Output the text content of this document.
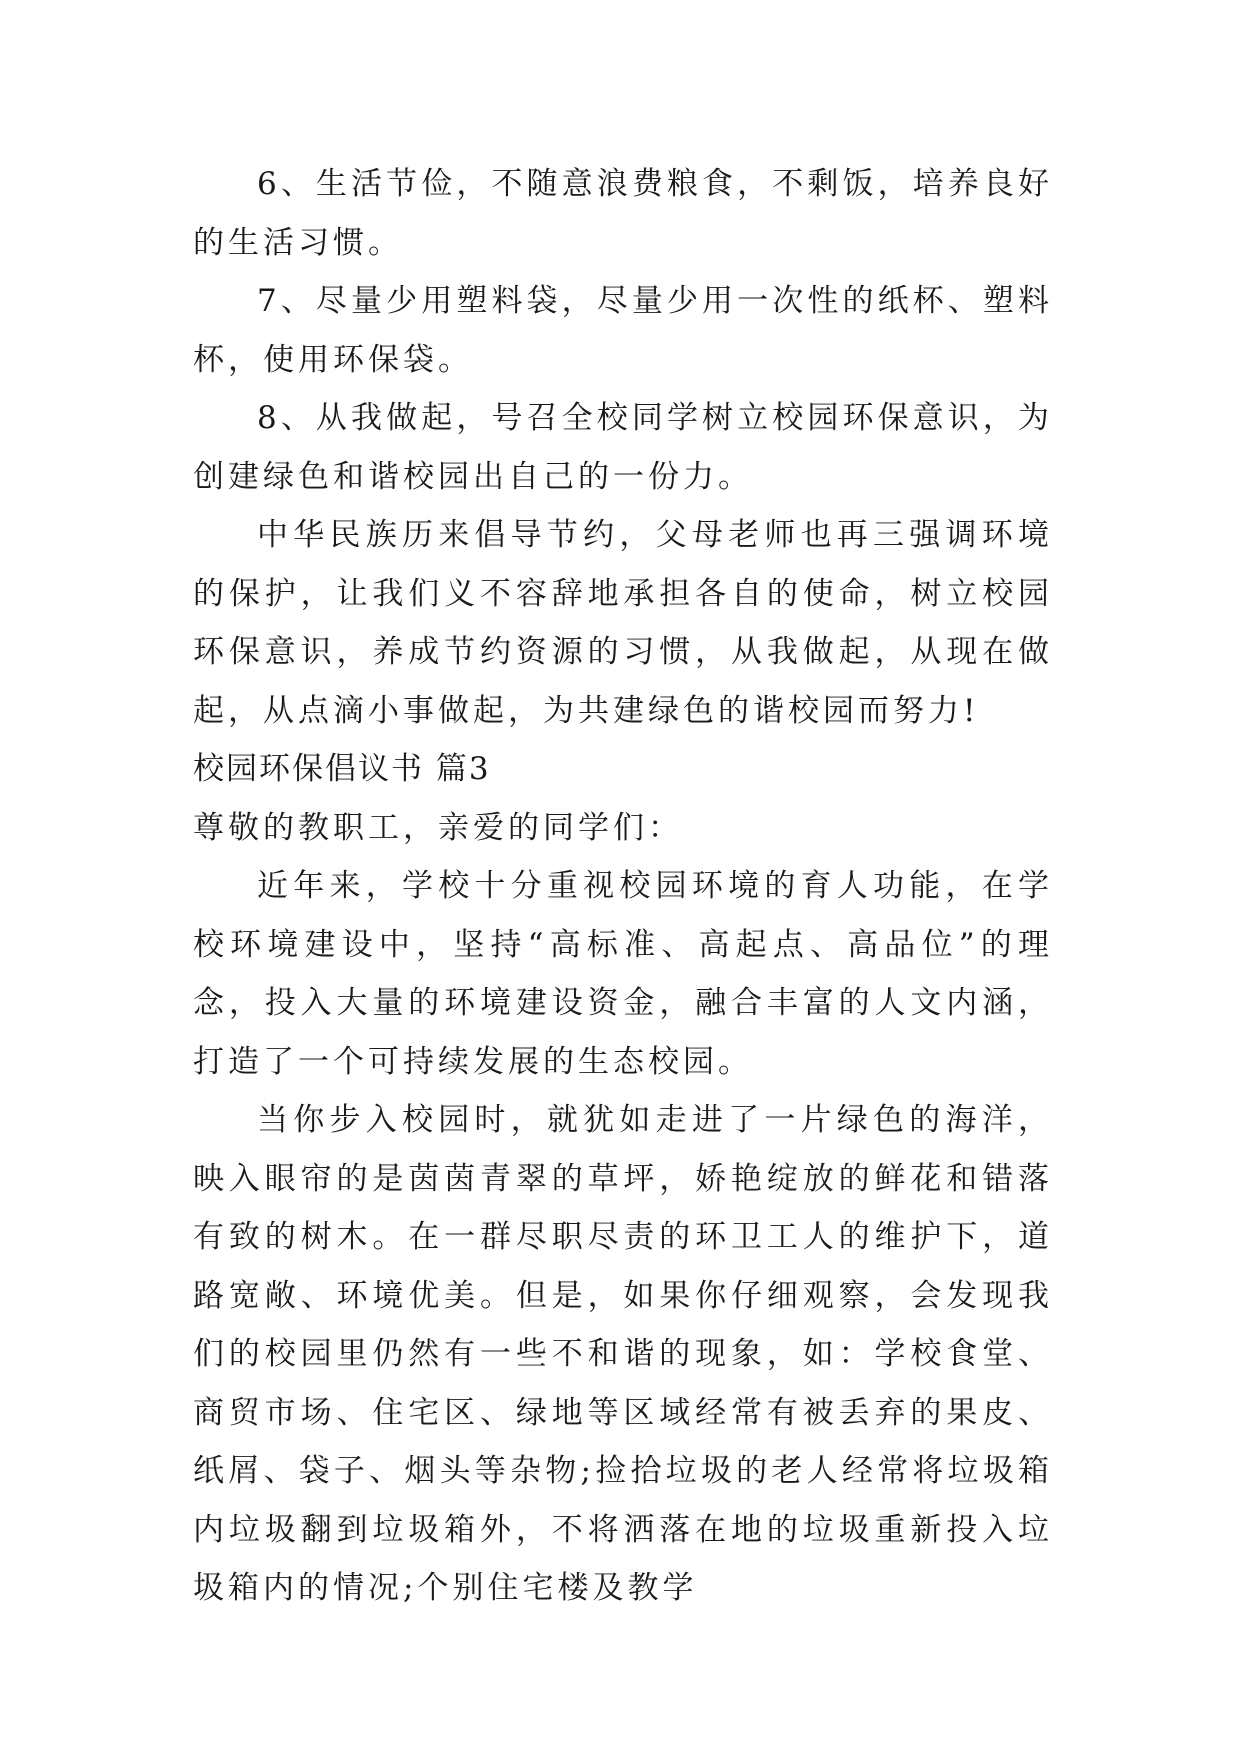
6、生活节俭，不随意浪费粮食，不剩饭，培养良好的生活习惯。

7、尽量少用塑料袋，尽量少用一次性的纸杯、塑料杯，使用环保袋。

8、从我做起，号召全校同学树立校园环保意识，为创建绿色和谐校园出自己的一份力。

中华民族历来倡导节约，父母老师也再三强调环境的保护，让我们义不容辞地承担各自的使命，树立校园环保意识，养成节约资源的习惯，从我做起，从现在做起，从点滴小事做起，为共建绿色的谐校园而努力!

校园环保倡议书 篇3

尊敬的教职工，亲爱的同学们：

近年来，学校十分重视校园环境的育人功能，在学校环境建设中，坚持“高标准、高起点、高品位”的理念，投入大量的环境建设资金，融合丰富的人文内涵，打造了一个可持续发展的生态校园。

当你步入校园时，就犹如走进了一片绿色的海洋，映入眼帘的是茵茵青翠的草坪，娇艳绽放的鲜花和错落有致的树木。在一群尽职尽责的环卫工人的维护下，道路宽敞、环境优美。但是，如果你仔细观察，会发现我们的校园里仍然有一些不和谐的现象，如：学校食堂、商贸市场、住宅区、绿地等区域经常有被丢弃的果皮、纸屑、袋子、烟头等杂物;捡拾垃圾的老人经常将垃圾箱内垃圾翻到垃圾箱外，不将洒落在地的垃圾重新投入垃圾箱内的情况;个别住宅楼及教学
